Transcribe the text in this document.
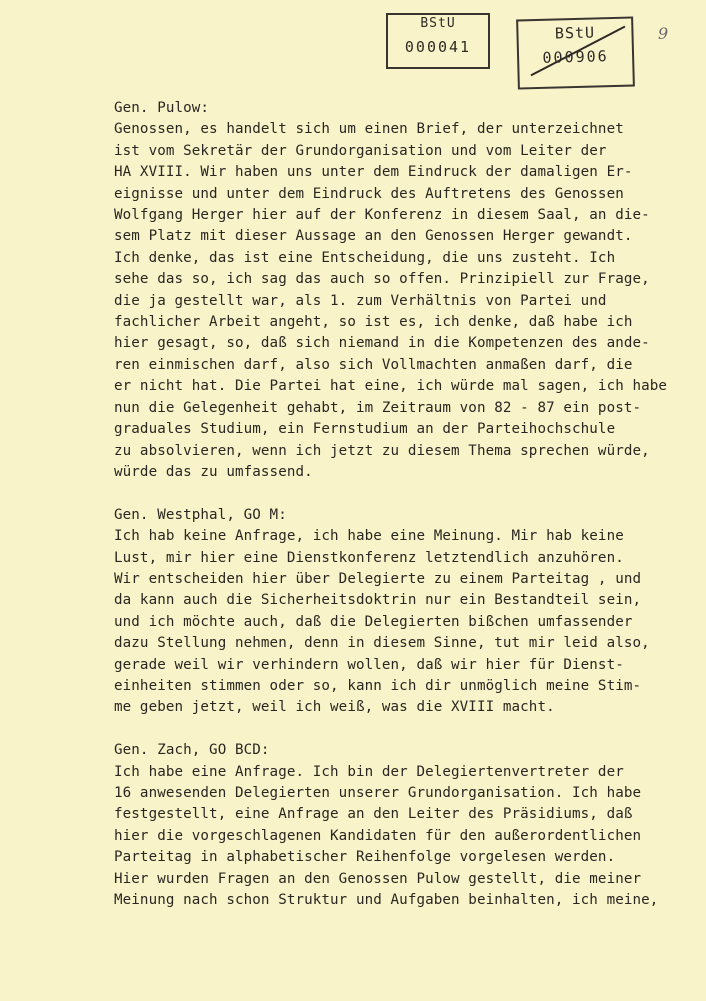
BStU
000041
BStU
000906
9
Gen. Pulow:
Genossen, es handelt sich um einen Brief, der unterzeichnet
ist vom Sekretär der Grundorganisation und vom Leiter der
HA XVIII. Wir haben uns unter dem Eindruck der damaligen Er-
eignisse und unter dem Eindruck des Auftretens des Genossen
Wolfgang Herger hier auf der Konferenz in diesem Saal, an die-
sem Platz mit dieser Aussage an den Genossen Herger gewandt.
Ich denke, das ist eine Entscheidung, die uns zusteht. Ich
sehe das so, ich sag das auch so offen. Prinzipiell zur Frage,
die ja gestellt war, als 1. zum Verhältnis von Partei und
fachlicher Arbeit angeht, so ist es, ich denke, daß habe ich
hier gesagt, so, daß sich niemand in die Kompetenzen des ande-
ren einmischen darf, also sich Vollmachten anmaßen darf, die
er nicht hat. Die Partei hat eine, ich würde mal sagen, ich habe
nun die Gelegenheit gehabt, im Zeitraum von 82 - 87 ein post-
graduales Studium, ein Fernstudium an der Parteihochschule
zu absolvieren, wenn ich jetzt zu diesem Thema sprechen würde,
würde das zu umfassend.
Gen. Westphal, GO M:
Ich hab keine Anfrage, ich habe eine Meinung. Mir hab keine
Lust, mir hier eine Dienstkonferenz letztendlich anzuhören.
Wir entscheiden hier über Delegierte zu einem Parteitag , und
da kann auch die Sicherheitsdoktrin nur ein Bestandteil sein,
und ich möchte auch, daß die Delegierten bißchen umfassender
dazu Stellung nehmen, denn in diesem Sinne, tut mir leid also,
gerade weil wir verhindern wollen, daß wir hier für Dienst-
einheiten stimmen oder so, kann ich dir unmöglich meine Stim-
me geben jetzt, weil ich weiß, was die XVIII macht.
Gen. Zach, GO BCD:
Ich habe eine Anfrage. Ich bin der Delegiertenvertreter der
16 anwesenden Delegierten unserer Grundorganisation. Ich habe
festgestellt, eine Anfrage an den Leiter des Präsidiums, daß
hier die vorgeschlagenen Kandidaten für den außerordentlichen
Parteitag in alphabetischer Reihenfolge vorgelesen werden.
Hier wurden Fragen an den Genossen Pulow gestellt, die meiner
Meinung nach schon Struktur und Aufgaben beinhalten, ich meine,
